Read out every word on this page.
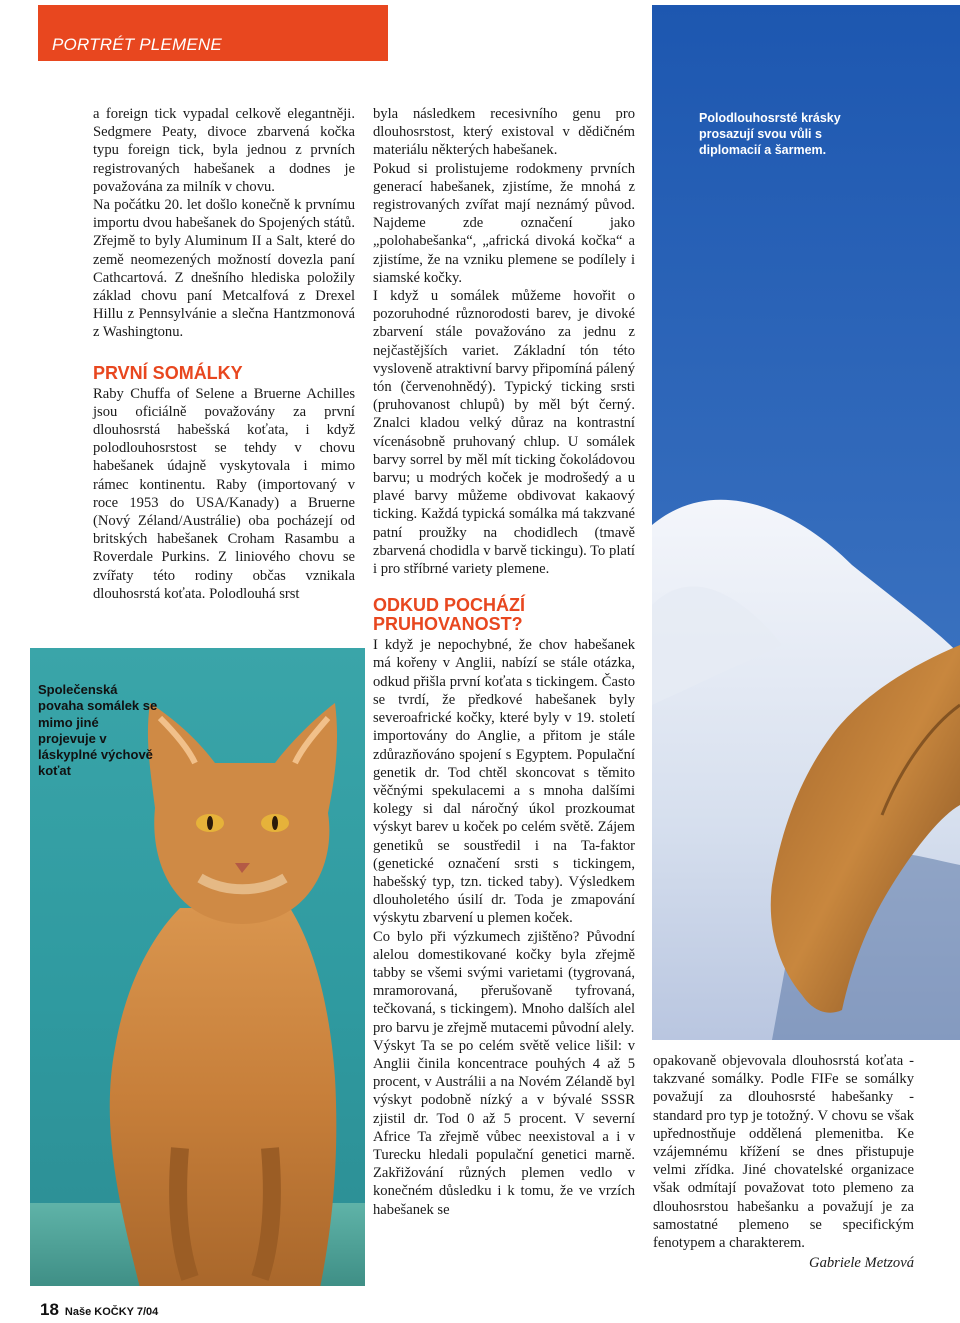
PORTRÉT PLEMENE
Polodlouhosrsté krásky prosazují svou vůli s diplomacií a šarmem.
Společenská povaha somálek se mimo jiné projevuje v láskyplné výchově koťat

a foreign tick vypadal celkově elegantněji. Sedgmere Peaty, divoce zbarvená kočka typu foreign tick, byla jednou z prvních registrovaných habešanek a dodnes je považována za milník v chovu.

Na počátku 20. let došlo konečně k prvnímu importu dvou habešanek do Spojených států. Zřejmě to byly Aluminum II a Salt, které do země neomezených možností dovezla paní Cathcartová. Z dnešního hlediska položily základ chovu paní Metcalfová z Drexel Hillu z Pennsylvánie a slečna Hantzmonová z Washingtonu.

PRVNÍ SOMÁLKY

Raby Chuffa of Selene a Bruerne Achilles jsou oficiálně považovány za první dlouhosrstá habešská koťata, i když polodlouhosrstost se tehdy v chovu habešanek údajně vyskytovala i mimo rámec kontinentu. Raby (importovaný v roce 1953 do USA/Kanady) a Bruerne (Nový Zéland/Austrálie) oba pocházejí od britských habešanek Croham Rasambu a Roverdale Purkins. Z liniového chovu se zvířaty této rodiny občas vznikala dlouhosrstá koťata. Polodlouhá srst

byla následkem recesivního genu pro dlouhosrstost, který existoval v dědičném materiálu některých habešanek.

Pokud si prolistujeme rodokmeny prvních generací habešanek, zjistíme, že mnohá z registrovaných zvířat mají neznámý původ. Najdeme zde označení jako „polohabešanka“, „africká divoká kočka“ a zjistíme, že na vzniku plemene se podílely i siamské kočky.

I když u somálek můžeme hovořit o pozoruhodné různorodosti barev, je divoké zbarvení stále považováno za jednu z nejčastějších variet. Základní tón této vysloveně atraktivní barvy připomíná pálený tón (červenohnědý). Typický ticking srsti (pruhovanost chlupů) by měl být černý. Znalci kladou velký důraz na kontrastní vícenásobně pruhovaný chlup. U somálek barvy sorrel by měl mít ticking čokoládovou barvu; u modrých koček je modrošedý a u plavé barvy můžeme obdivovat kakaový ticking. Každá typická somálka má takzvané patní proužky na chodidlech (tmavě zbarvená chodidla v barvě tickingu). To platí i pro stříbrné variety plemene.

ODKUD POCHÁZÍ PRUHOVANOST?

I když je nepochybné, že chov habešanek má kořeny v Anglii, nabízí se stále otázka, odkud přišla první koťata s tickingem. Často se tvrdí, že předkové habešanek byly severoafrické kočky, které byly v 19. století importovány do Anglie, a přitom je stále zdůrazňováno spojení s Egyptem. Populační genetik dr. Tod chtěl skoncovat s těmito věčnými spekulacemi a s mnoha dalšími kolegy si dal náročný úkol prozkoumat výskyt barev u koček po celém světě. Zájem genetiků se soustředil i na Ta-faktor (genetické označení srsti s tickingem, habešský typ, tzn. ticked taby). Výsledkem dlouholetého úsilí dr. Toda je zmapování výskytu zbarvení u plemen koček.

Co bylo při výzkumech zjištěno? Původní alelou domestikované kočky byla zřejmě tabby se všemi svými varietami (tygrovaná, mramorovaná, přerušovaně tyfrovaná, tečkovaná, s tickingem). Mnoho dalších alel pro barvu je zřejmě mutacemi původní alely.

Výskyt Ta se po celém světě velice lišil: v Anglii činila koncentrace pouhých 4 až 5 procent, v Austrálii a na Novém Zélandě byl výskyt podobně nízký a v bývalé SSSR zjistil dr. Tod 0 až 5 procent. V severní Africe Ta zřejmě vůbec neexistoval a i v Turecku hledali populační genetici marně. Zakřižování různých plemen vedlo v konečném důsledku i k tomu, že ve vrzích habešanek se

opakovaně objevovala dlouhosrstá koťata - takzvané somálky. Podle FIFe se somálky považují za dlouhosrsté habešanky - standard pro typ je totožný. V chovu se však upřednostňuje oddělená plemenitba. Ke vzájemnému křížení se dnes přistupuje velmi zřídka. Jiné chovatelské organizace však odmítají považovat toto plemeno za dlouhosrstou habešanku a považují je za samostatné plemeno se specifickým fenotypem a charakterem.

Gabriele Metzová

18 Naše KOČKY 7/04
